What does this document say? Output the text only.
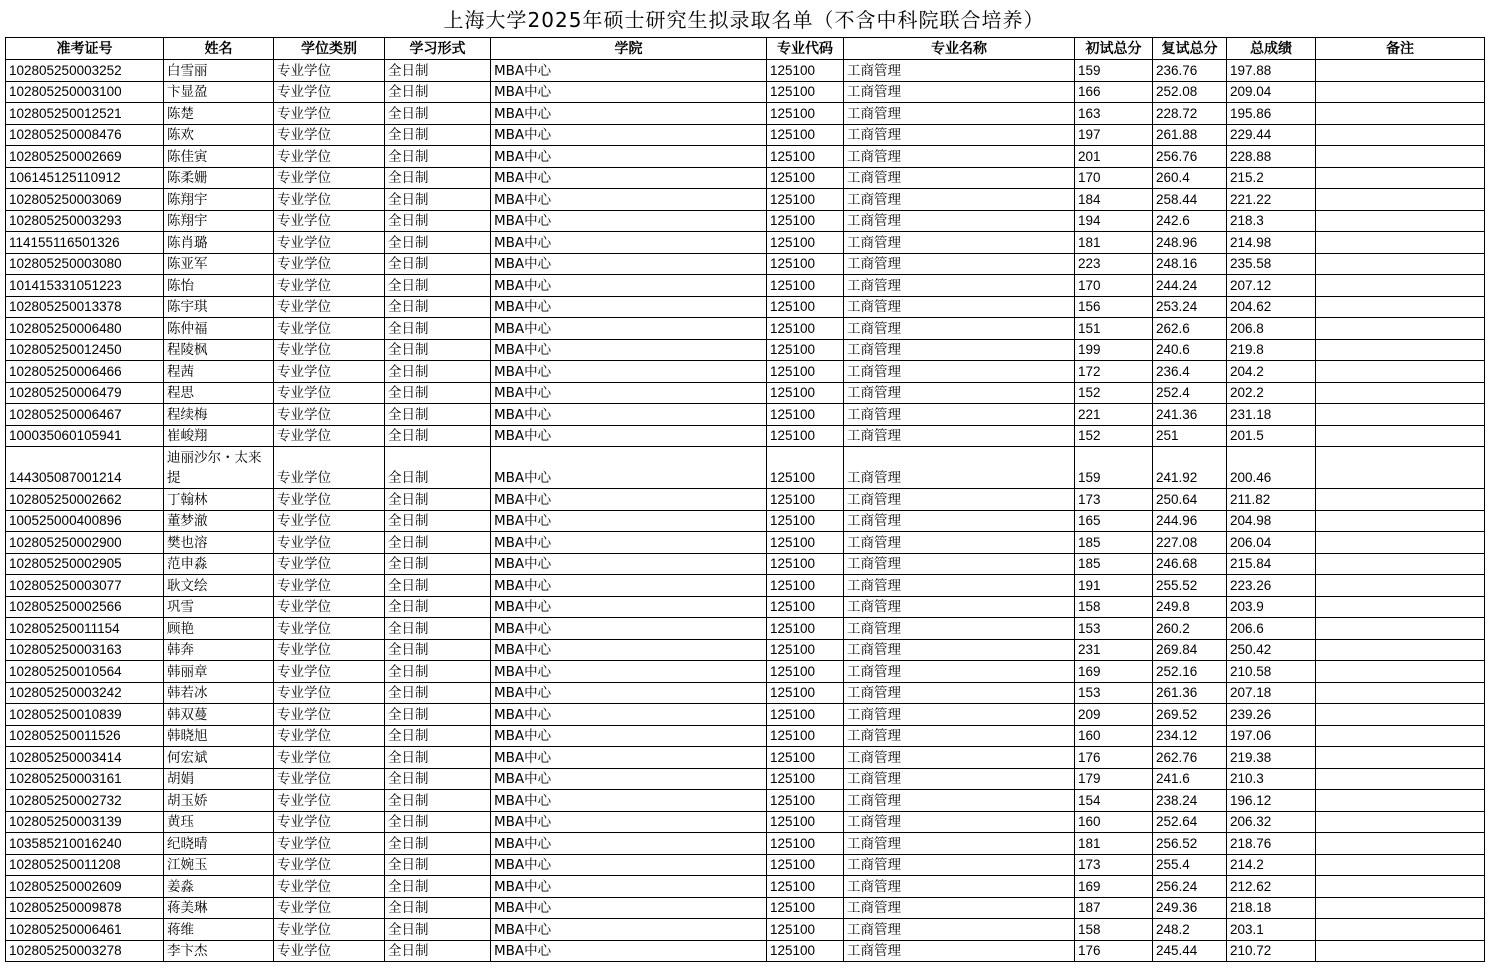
上海大学2025年硕士研究生拟录取名单（不含中科院联合培养）
准考证号	姓名	学位类别	学习形式	学院	专业代码	专业名称	初试总分	复试总分	总成绩	备注
102805250003252	白雪丽	专业学位	全日制	MBA中心	125100	工商管理	159	236.76	197.88	
102805250003100	卞显盈	专业学位	全日制	MBA中心	125100	工商管理	166	252.08	209.04	
102805250012521	陈楚	专业学位	全日制	MBA中心	125100	工商管理	163	228.72	195.86	
102805250008476	陈欢	专业学位	全日制	MBA中心	125100	工商管理	197	261.88	229.44	
102805250002669	陈佳寅	专业学位	全日制	MBA中心	125100	工商管理	201	256.76	228.88	
106145125110912	陈柔姗	专业学位	全日制	MBA中心	125100	工商管理	170	260.4	215.2	
102805250003069	陈翔宇	专业学位	全日制	MBA中心	125100	工商管理	184	258.44	221.22	
102805250003293	陈翔宇	专业学位	全日制	MBA中心	125100	工商管理	194	242.6	218.3	
114155116501326	陈肖璐	专业学位	全日制	MBA中心	125100	工商管理	181	248.96	214.98	
102805250003080	陈亚军	专业学位	全日制	MBA中心	125100	工商管理	223	248.16	235.58	
101415331051223	陈怡	专业学位	全日制	MBA中心	125100	工商管理	170	244.24	207.12	
102805250013378	陈宇琪	专业学位	全日制	MBA中心	125100	工商管理	156	253.24	204.62	
102805250006480	陈仲福	专业学位	全日制	MBA中心	125100	工商管理	151	262.6	206.8	
102805250012450	程陵枫	专业学位	全日制	MBA中心	125100	工商管理	199	240.6	219.8	
102805250006466	程茜	专业学位	全日制	MBA中心	125100	工商管理	172	236.4	204.2	
102805250006479	程思	专业学位	全日制	MBA中心	125100	工商管理	152	252.4	202.2	
102805250006467	程续梅	专业学位	全日制	MBA中心	125100	工商管理	221	241.36	231.18	
100035060105941	崔峻翔	专业学位	全日制	MBA中心	125100	工商管理	152	251	201.5	
144305087001214	迪丽沙尔・太来提	专业学位	全日制	MBA中心	125100	工商管理	159	241.92	200.46	
102805250002662	丁翰林	专业学位	全日制	MBA中心	125100	工商管理	173	250.64	211.82	
100525000400896	董梦澈	专业学位	全日制	MBA中心	125100	工商管理	165	244.96	204.98	
102805250002900	樊也溶	专业学位	全日制	MBA中心	125100	工商管理	185	227.08	206.04	
102805250002905	范申淼	专业学位	全日制	MBA中心	125100	工商管理	185	246.68	215.84	
102805250003077	耿文绘	专业学位	全日制	MBA中心	125100	工商管理	191	255.52	223.26	
102805250002566	巩雪	专业学位	全日制	MBA中心	125100	工商管理	158	249.8	203.9	
102805250011154	顾艳	专业学位	全日制	MBA中心	125100	工商管理	153	260.2	206.6	
102805250003163	韩奔	专业学位	全日制	MBA中心	125100	工商管理	231	269.84	250.42	
102805250010564	韩丽章	专业学位	全日制	MBA中心	125100	工商管理	169	252.16	210.58	
102805250003242	韩若冰	专业学位	全日制	MBA中心	125100	工商管理	153	261.36	207.18	
102805250010839	韩双蔓	专业学位	全日制	MBA中心	125100	工商管理	209	269.52	239.26	
102805250011526	韩晓旭	专业学位	全日制	MBA中心	125100	工商管理	160	234.12	197.06	
102805250003414	何宏斌	专业学位	全日制	MBA中心	125100	工商管理	176	262.76	219.38	
102805250003161	胡娟	专业学位	全日制	MBA中心	125100	工商管理	179	241.6	210.3	
102805250002732	胡玉娇	专业学位	全日制	MBA中心	125100	工商管理	154	238.24	196.12	
102805250003139	黄珏	专业学位	全日制	MBA中心	125100	工商管理	160	252.64	206.32	
103585210016240	纪晓晴	专业学位	全日制	MBA中心	125100	工商管理	181	256.52	218.76	
102805250011208	江婉玉	专业学位	全日制	MBA中心	125100	工商管理	173	255.4	214.2	
102805250002609	姜淼	专业学位	全日制	MBA中心	125100	工商管理	169	256.24	212.62	
102805250009878	蒋美琳	专业学位	全日制	MBA中心	125100	工商管理	187	249.36	218.18	
102805250006461	蒋维	专业学位	全日制	MBA中心	125100	工商管理	158	248.2	203.1	
102805250003278	李卞杰	专业学位	全日制	MBA中心	125100	工商管理	176	245.44	210.72	
